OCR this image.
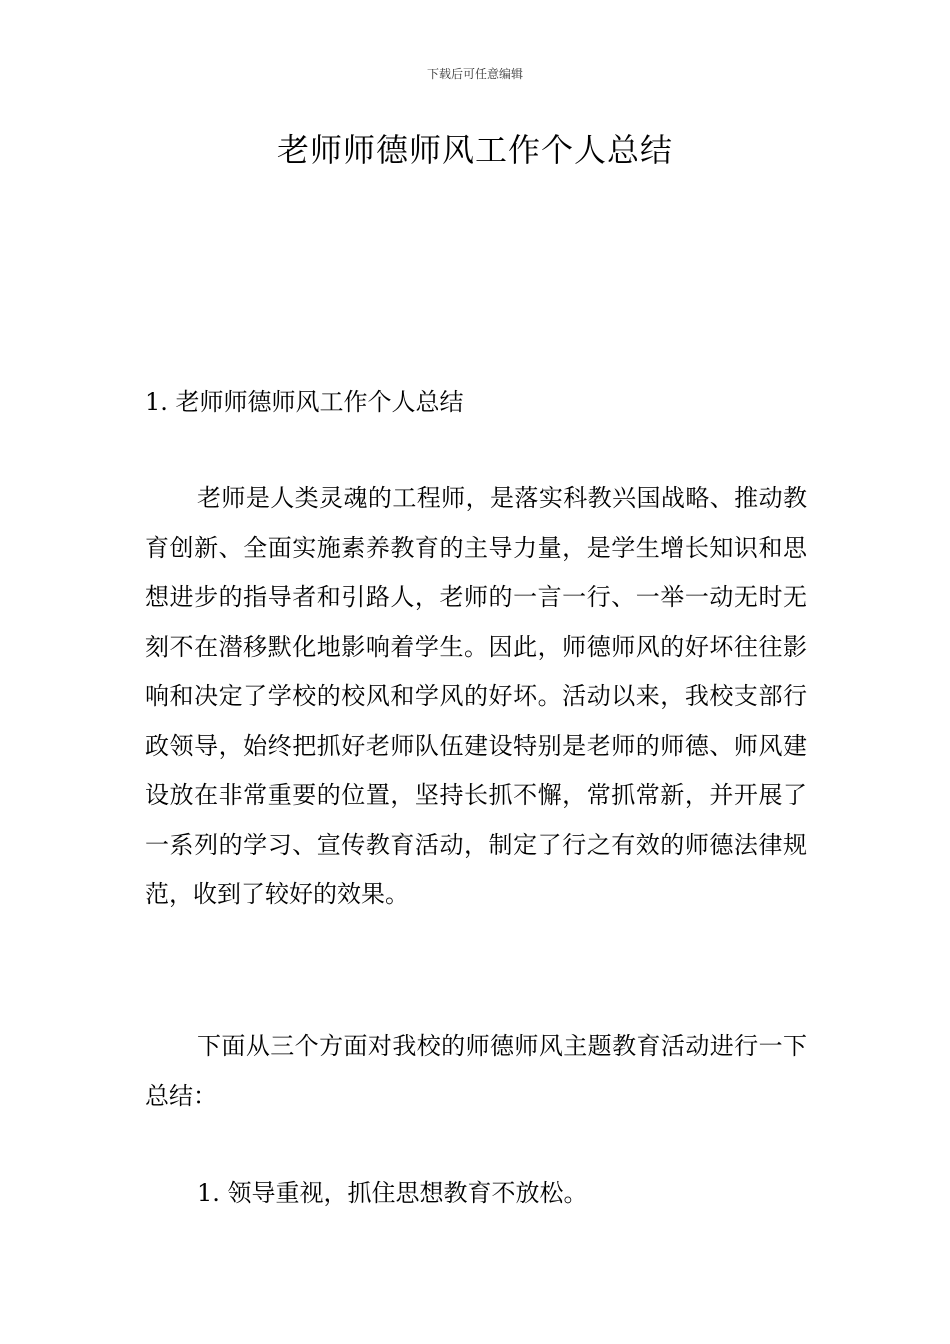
下载后可任意编辑
老师师德师风工作个人总结

1. 老师师德师风工作个人总结

老师是人类灵魂的工程师，是落实科教兴国战略、推动教育创新、全面实施素养教育的主导力量，是学生增长知识和思想进步的指导者和引路人，老师的一言一行、一举一动无时无刻不在潜移默化地影响着学生。因此，师德师风的好坏往往影响和决定了学校的校风和学风的好坏。活动以来，我校支部行政领导，始终把抓好老师队伍建设特别是老师的师德、师风建设放在非常重要的位置，坚持长抓不懈，常抓常新，并开展了一系列的学习、宣传教育活动，制定了行之有效的师德法律规范，收到了较好的效果。

下面从三个方面对我校的师德师风主题教育活动进行一下总结：

1. 领导重视，抓住思想教育不放松。
